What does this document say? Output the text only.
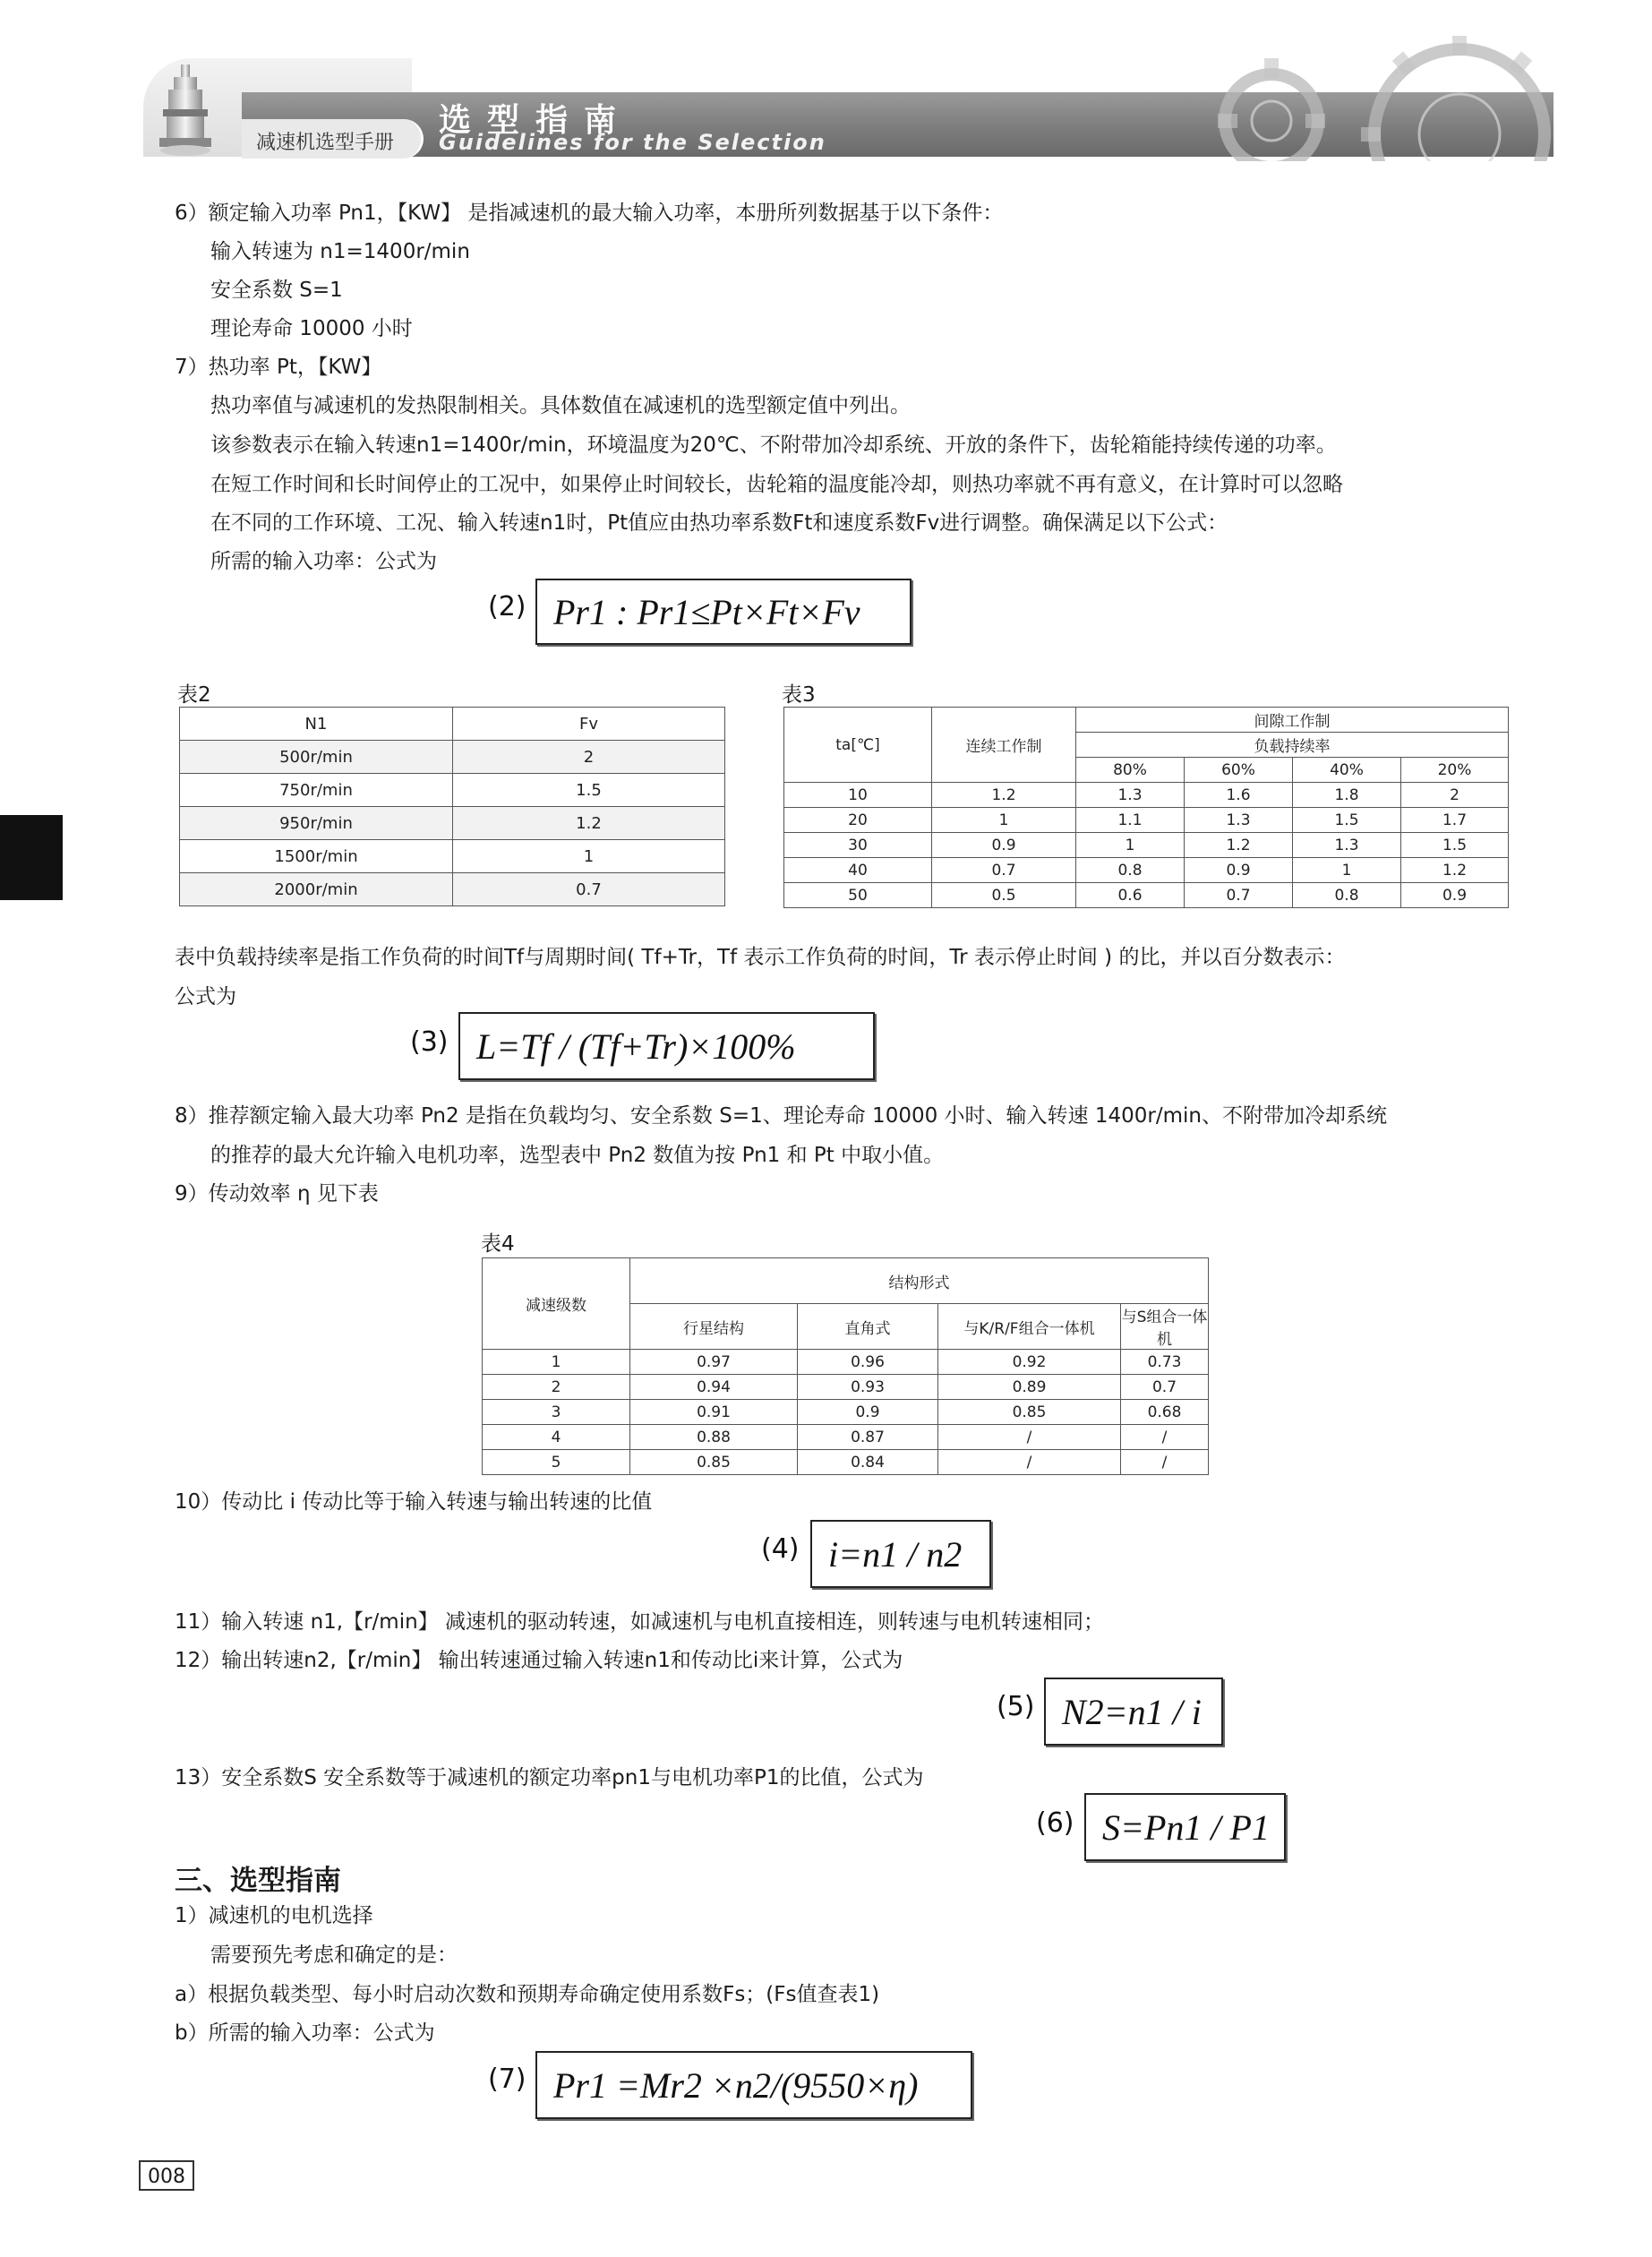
减速机选型手册
选型指南
Guidelines for the Selection
6）额定输入功率 Pn1，【KW】 是指减速机的最大输入功率，本册所列数据基于以下条件：
输入转速为 n1=1400r/min
安全系数 S=1
理论寿命 10000 小时
7）热功率 Pt，【KW】
热功率值与减速机的发热限制相关。具体数值在减速机的选型额定值中列出。
该参数表示在输入转速n1=1400r/min，环境温度为20℃、不附带加冷却系统、开放的条件下，齿轮箱能持续传递的功率。
在短工作时间和长时间停止的工况中，如果停止时间较长，齿轮箱的温度能冷却，则热功率就不再有意义，在计算时可以忽略
在不同的工作环境、工况、输入转速n1时，Pt值应由热功率系数Ft和速度系数Fv进行调整。确保满足以下公式：
所需的输入功率：公式为
(2) Pr1 : Pr1≤Pt×Ft×Fv
表2
N1	Fv
500r/min	2
750r/min	1.5
950r/min	1.2
1500r/min	1
2000r/min	0.7
表3
ta[℃]	连续工作制	间隙工作制			
		负载持续率			
		80%	60%	40%	20%
10	1.2	1.3	1.6	1.8	2
20	1	1.1	1.3	1.5	1.7
30	0.9	1	1.2	1.3	1.5
40	0.7	0.8	0.9	1	1.2
50	0.5	0.6	0.7	0.8	0.9
表中负载持续率是指工作负荷的时间Tf与周期时间( Tf+Tr，Tf 表示工作负荷的时间，Tr 表示停止时间 ) 的比，并以百分数表示：
公式为
(3) L=Tf / (Tf+Tr)×100%
8）推荐额定输入最大功率 Pn2 是指在负载均匀、安全系数 S=1、理论寿命 10000 小时、输入转速 1400r/min、不附带加冷却系统
的推荐的最大允许输入电机功率，选型表中 Pn2 数值为按 Pn1 和 Pt 中取小值。
9）传动效率 η 见下表
表4
减速级数	结构形式			
	行星结构	直角式	与K/R/F组合一体机	与S组合一体机
1	0.97	0.96	0.92	0.73
2	0.94	0.93	0.89	0.7
3	0.91	0.9	0.85	0.68
4	0.88	0.87	/	/
5	0.85	0.84	/	/
10）传动比 i 传动比等于输入转速与输出转速的比值
(4) i=n1 / n2
11）输入转速 n1,【r/min】 减速机的驱动转速，如减速机与电机直接相连，则转速与电机转速相同；
12）输出转速n2,【r/min】 输出转速通过输入转速n1和传动比i来计算，公式为
(5) N2=n1 / i
13）安全系数S 安全系数等于减速机的额定功率pn1与电机功率P1的比值，公式为
(6) S=Pn1 / P1
三、选型指南
1）减速机的电机选择
需要预先考虑和确定的是：
a）根据负载类型、每小时启动次数和预期寿命确定使用系数Fs；(Fs值查表1)
b）所需的输入功率：公式为
(7) Pr1 =Mr2 ×n2/(9550×η)
008
